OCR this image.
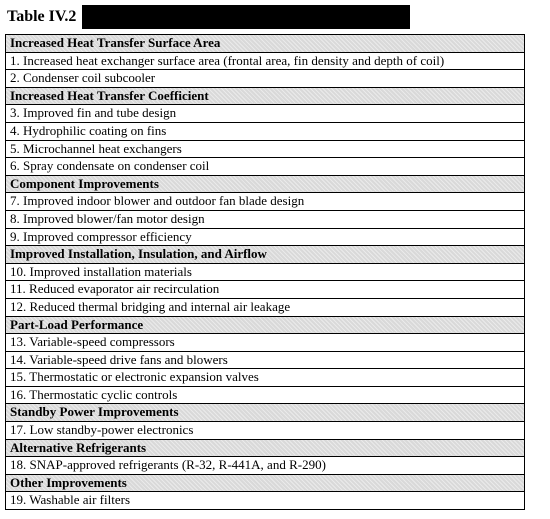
Table IV.2
Increased Heat Transfer Surface Area
1. Increased heat exchanger surface area (frontal area, fin density and depth of coil)
2. Condenser coil subcooler
Increased Heat Transfer Coefficient
3. Improved fin and tube design
4. Hydrophilic coating on fins
5. Microchannel heat exchangers
6. Spray condensate on condenser coil
Component Improvements
7. Improved indoor blower and outdoor fan blade design
8. Improved blower/fan motor design
9. Improved compressor efficiency
Improved Installation, Insulation, and Airflow
10. Improved installation materials
11. Reduced evaporator air recirculation
12. Reduced thermal bridging and internal air leakage
Part-Load Performance
13. Variable-speed compressors
14. Variable-speed drive fans and blowers
15. Thermostatic or electronic expansion valves
16. Thermostatic cyclic controls
Standby Power Improvements
17. Low standby-power electronics
Alternative Refrigerants
18. SNAP-approved refrigerants (R-32, R-441A, and R-290)
Other Improvements
19. Washable air filters
